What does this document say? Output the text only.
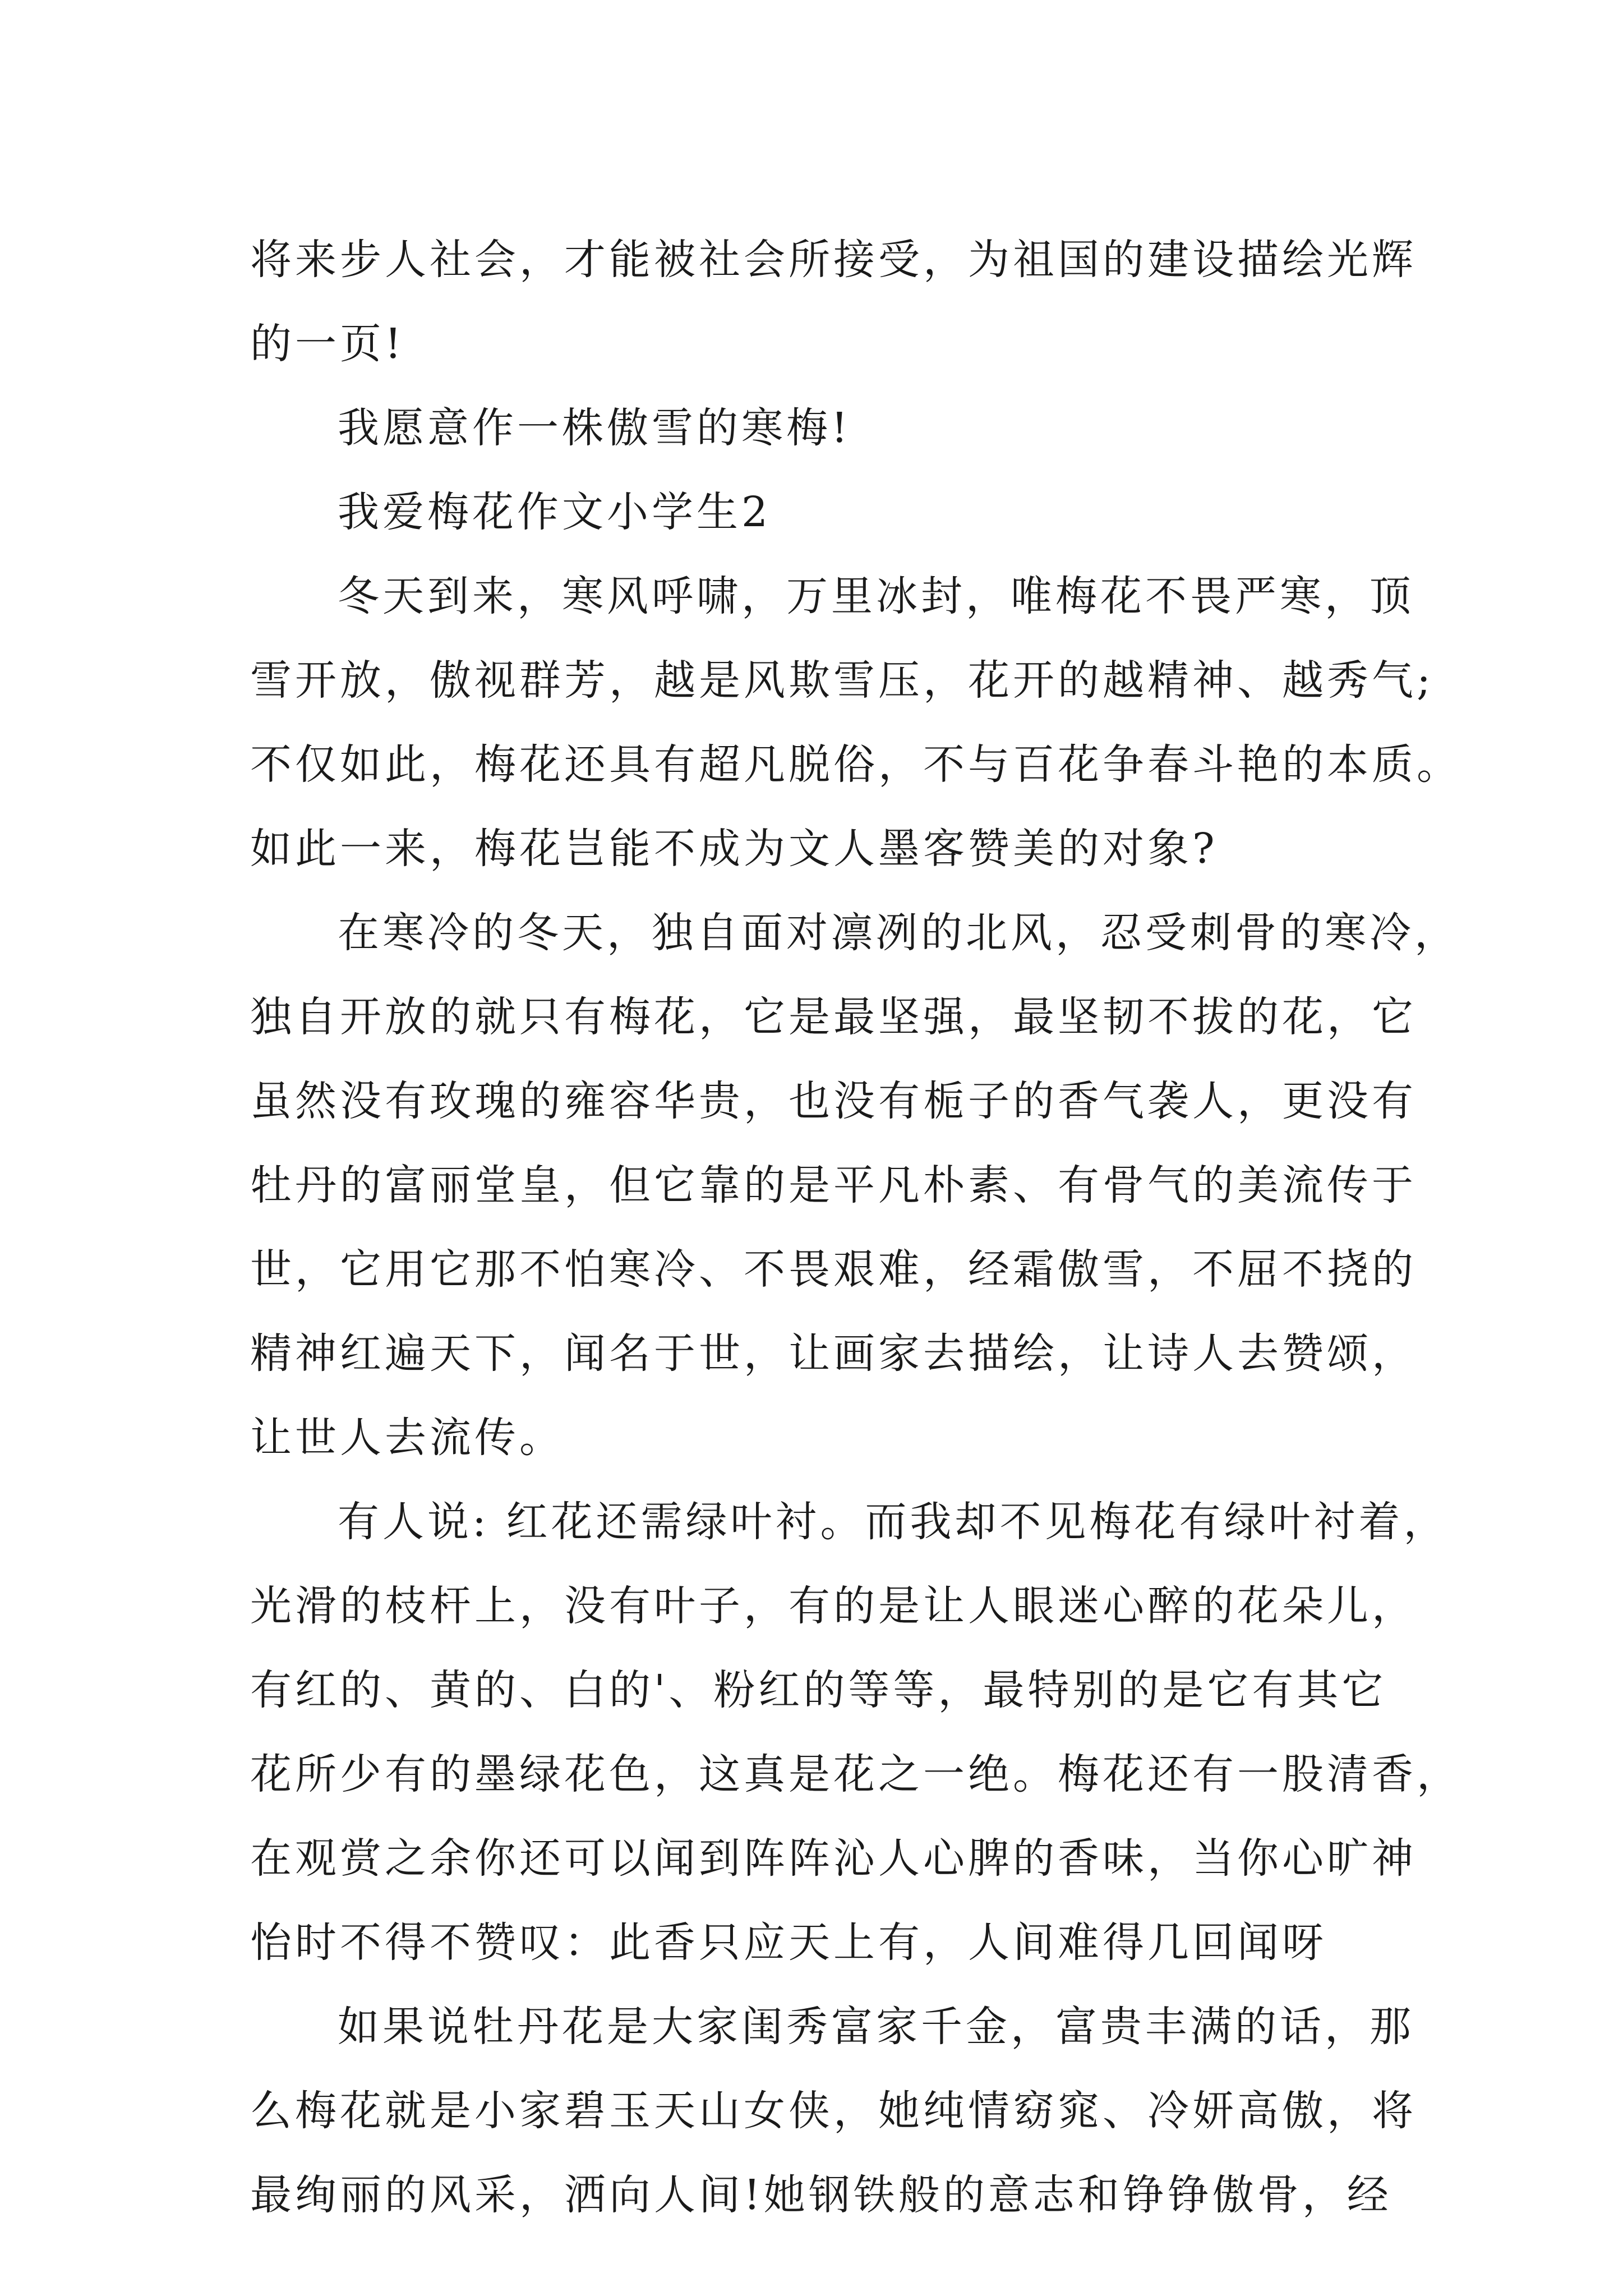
将来步人社会，才能被社会所接受，为祖国的建设描绘光辉
的一页!
我愿意作一株傲雪的寒梅!
我爱梅花作文小学生2
冬天到来，寒风呼啸，万里冰封，唯梅花不畏严寒，顶
雪开放，傲视群芳，越是风欺雪压，花开的越精神、越秀气;
不仅如此，梅花还具有超凡脱俗，不与百花争春斗艳的本质。
如此一来，梅花岂能不成为文人墨客赞美的对象?
在寒冷的冬天，独自面对凛冽的北风，忍受刺骨的寒冷，
独自开放的就只有梅花，它是最坚强，最坚韧不拔的花，它
虽然没有玫瑰的雍容华贵，也没有栀子的香气袭人，更没有
牡丹的富丽堂皇，但它靠的是平凡朴素、有骨气的美流传于
世，它用它那不怕寒冷、不畏艰难，经霜傲雪，不屈不挠的
精神红遍天下，闻名于世，让画家去描绘，让诗人去赞颂，
让世人去流传。
有人说: 红花还需绿叶衬。而我却不见梅花有绿叶衬着，
光滑的枝杆上，没有叶子，有的是让人眼迷心醉的花朵儿，
有红的、黄的、白的'、粉红的等等，最特别的是它有其它
花所少有的墨绿花色，这真是花之一绝。梅花还有一股清香，
在观赏之余你还可以闻到阵阵沁人心脾的香味，当你心旷神
怡时不得不赞叹：此香只应天上有，人间难得几回闻呀
如果说牡丹花是大家闺秀富家千金，富贵丰满的话，那
么梅花就是小家碧玉天山女侠，她纯情窈窕、冷妍高傲，将
最绚丽的风采，洒向人间!她钢铁般的意志和铮铮傲骨，经
